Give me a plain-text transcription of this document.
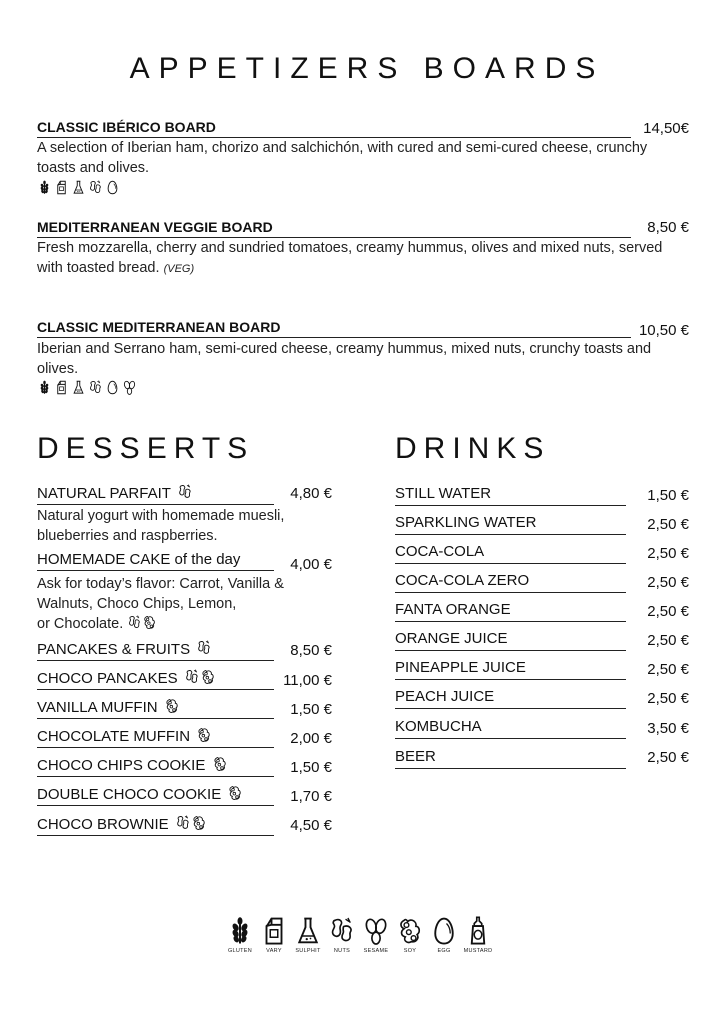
APPETIZERS BOARDS
CLASSIC IBÉRICO BOARD	14,50€
A selection of Iberian ham, chorizo and salchichón, with cured and semi-cured cheese, crunchy toasts and olives.
MEDITERRANEAN VEGGIE BOARD	8,50 €
Fresh mozzarella, cherry and sundried tomatoes, creamy hummus, olives and mixed nuts, served with toasted bread. (VEG)
CLASSIC MEDITERRANEAN BOARD	10,50 €
Iberian and Serrano ham, semi-cured cheese, creamy hummus, mixed nuts, crunchy toasts and olives.
DESSERTS	DRINKS
NATURAL PARFAIT	4,80 €
Natural yogurt with homemade muesli, blueberries and raspberries.
HOMEMADE CAKE of the day	4,00 €
Ask for today’s flavor: Carrot, Vanilla &
Walnuts, Choco Chips, Lemon,
or Chocolate.
PANCAKES & FRUITS	8,50 €
CHOCO PANCAKES	11,00 €
VANILLA MUFFIN	1,50 €
CHOCOLATE MUFFIN	2,00 €
CHOCO CHIPS COOKIE	1,50 €
DOUBLE CHOCO COOKIE	1,70 €
CHOCO BROWNIE	4,50 €
STILL WATER	1,50 €
SPARKLING WATER	2,50 €
COCA-COLA	2,50 €
COCA-COLA ZERO	2,50 €
FANTA ORANGE	2,50 €
ORANGE JUICE	2,50 €
PINEAPPLE JUICE	2,50 €
PEACH JUICE	2,50 €
KOMBUCHA	3,50 €
BEER	2,50 €
GLUTEN	VARY SULPHIT NUTS SESAME	SOY	EGG MUSTARD
